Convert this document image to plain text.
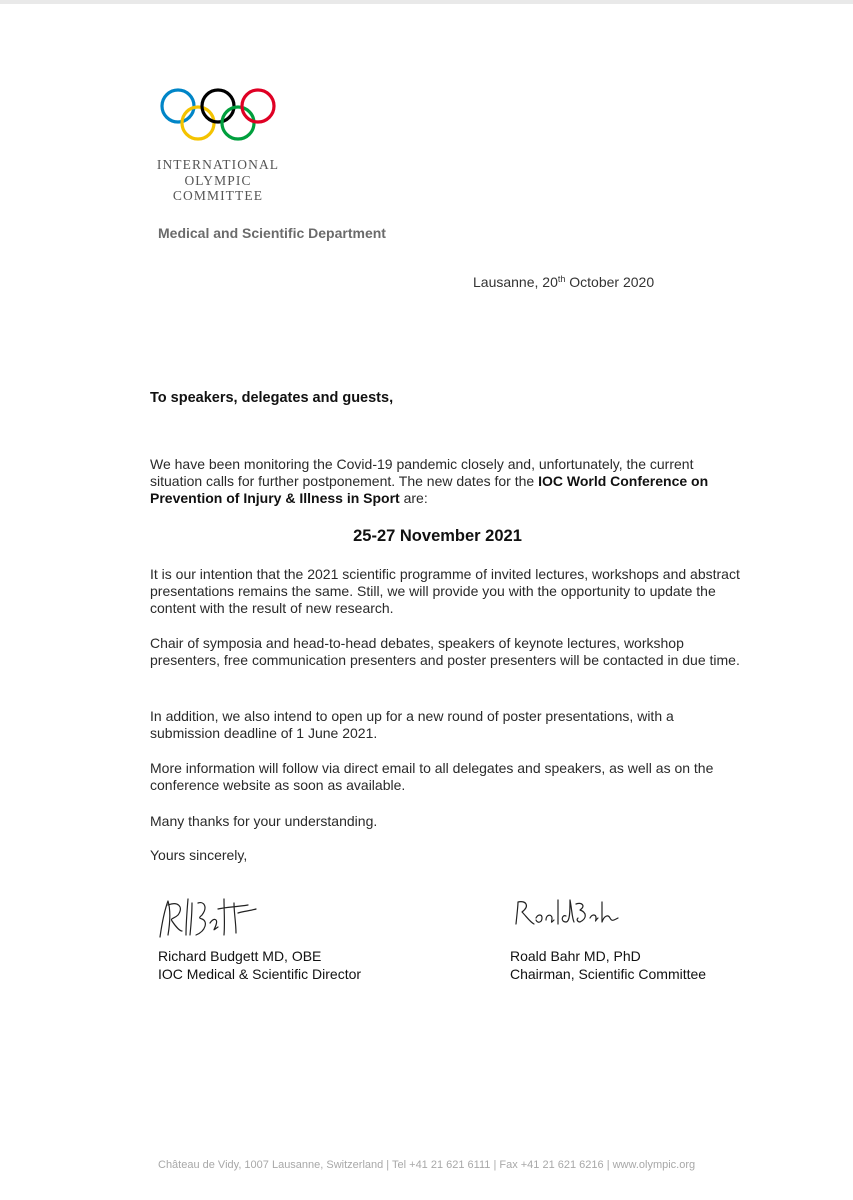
INTERNATIONAL
OLYMPIC
COMMITTEE
Medical and Scientific Department
Lausanne, 20th October 2020
To speakers, delegates and guests,

We have been monitoring the Covid-19 pandemic closely and, unfortunately, the current situation calls for further postponement. The new dates for the IOC World Conference on Prevention of Injury & Illness in Sport are:

25-27 November 2021

It is our intention that the 2021 scientific programme of invited lectures, workshops and abstract presentations remains the same. Still, we will provide you with the opportunity to update the content with the result of new research.

Chair of symposia and head-to-head debates, speakers of keynote lectures, workshop presenters, free communication presenters and poster presenters will be contacted in due time.

In addition, we also intend to open up for a new round of poster presentations, with a submission deadline of 1 June 2021.

More information will follow via direct email to all delegates and speakers, as well as on the conference website as soon as available.

Many thanks for your understanding.

Yours sincerely,

Richard Budgett MD, OBE
IOC Medical & Scientific Director
Roald Bahr MD, PhD
Chairman, Scientific Committee
Château de Vidy, 1007 Lausanne, Switzerland | Tel +41 21 621 6111 | Fax +41 21 621 6216 | www.olympic.org
